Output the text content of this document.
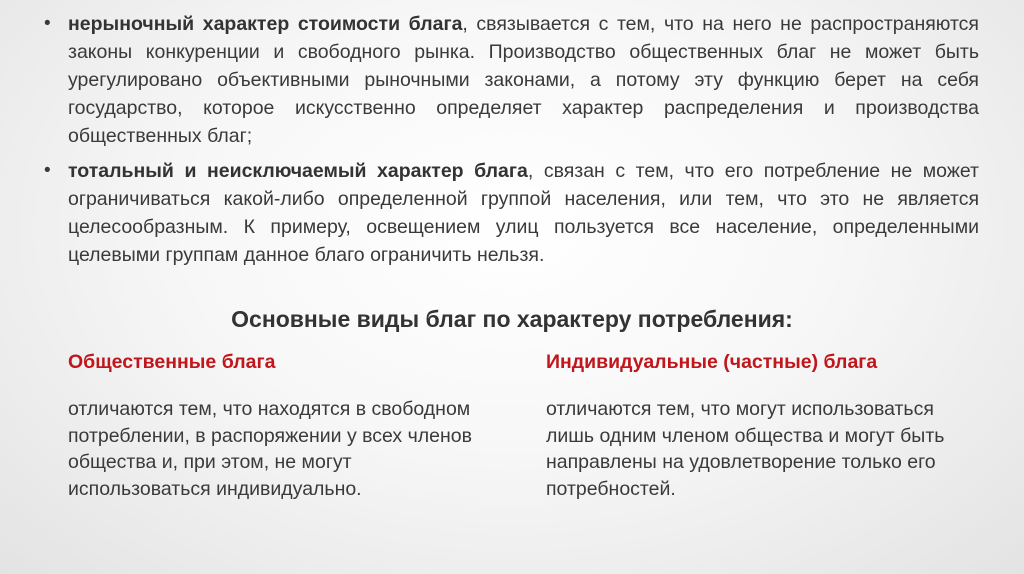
• нерыночный характер стоимости блага, связывается с тем, что на него не распространяются законы конкуренции и свободного рынка. Производство общественных благ не может быть урегулировано объективными рыночными законами, а потому эту функцию берет на себя государство, которое искусственно определяет характер распределения и производства общественных благ;
• тотальный и неисключаемый характер блага, связан с тем, что его потребление не может ограничиваться какой-либо определенной группой населения, или тем, что это не является целесообразным. К примеру, освещением улиц пользуется все население, определенными целевыми группам данное благо ограничить нельзя.
Основные виды благ по характеру потребления:

Общественные блага

отличаются тем, что находятся в свободном потреблении, в распоряжении у всех членов общества и, при этом, не могут использоваться индивидуально.

Индивидуальные (частные) блага

отличаются тем, что могут использоваться лишь одним членом общества и могут быть направлены на удовлетворение только его потребностей.
